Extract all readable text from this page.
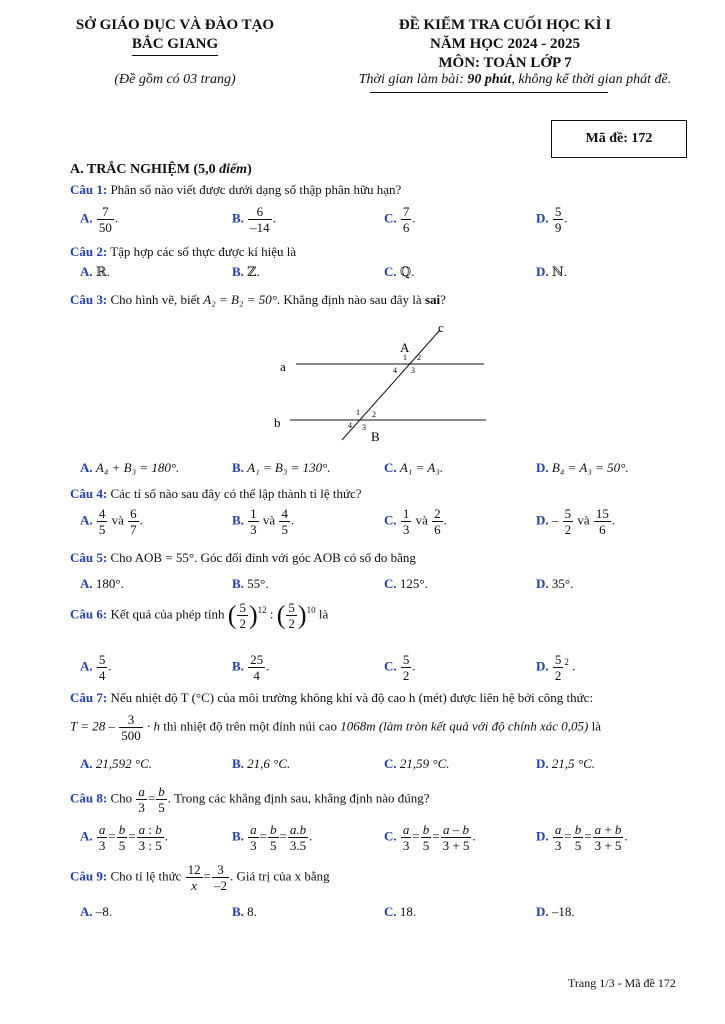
SỞ GIÁO DỤC VÀ ĐÀO TẠO
BẮC GIANG
(Đề gồm có 03 trang)
ĐỀ KIỂM TRA CUỐI HỌC KÌ I
NĂM HỌC 2024 - 2025
MÔN: TOÁN LỚP 7
Thời gian làm bài: 90 phút, không kể thời gian phát đề.
Mã đề: 172
A. TRẮC NGHIỆM (5,0 điểm)
Câu 1: Phân số nào viết được dưới dạng số thập phân hữu hạn?
A. $\frac{7}{50}$ .	B. $\frac{6}{-14}$ .	C. $\frac{7}{6}$ .	D. $\frac{5}{9}$ .
Câu 2: Tập hợp các số thực được kí hiệu là
A. ℝ.	B. ℤ.	C. ℚ.	D. ℕ.
Câu 3: Cho hình vẽ, biết A₂ = B₂ = 50°. Khẳng định nào sau đây là sai?
a
b
c
A
B
1 2
4 3
1 2
4 3
A. A₄ + B₃ = 180°.	B. A₁ = B₃ = 130°.	C. A₁ = A₃.	D. B₄ = A₃ = 50°.
Câu 4: Các tỉ số nào sau đây có thể lập thành tỉ lệ thức?
A. $\frac{4}{5}$ và $\frac{6}{7}$ .	B. $\frac{1}{3}$ và $\frac{4}{5}$ .	C. $\frac{1}{3}$ và $\frac{2}{6}$ .	D. – $\frac{5}{2}$ và $\frac{15}{6}$ .
Câu 5: Cho AOB = 55°. Góc đối đỉnh với góc AOB có số đo bằng
A. 180°.	B. 55°.	C. 125°.	D. 35°.
Câu 6: Kết quả của phép tính ( $\frac{5}{2} )^{12}$ : ( $\frac{5}{2} )^{10}$ là
A. $\frac{5}{4}$ .	B. $\frac{25}{4}$ .	C. $\frac{5}{2}$ .	D. $\frac{5}{2} ^2$ .
Câu 7: Nếu nhiệt độ T (°C) của môi trường không khí và độ cao h (mét) được liên hệ bởi công thức:
$T = 28 - \frac{3}{500} \cdot h$ thì nhiệt độ trên một đỉnh núi cao 1068m (làm tròn kết quả với độ chính xác 0,05) là
A. 21,592 °C.	B. 21,6 °C.	C. 21,59 °C.	D. 21,5 °C.
Câu 8: Cho $\frac{a}{3} = \frac{b}{5}$ . Trong các khẳng định sau, khẳng định nào đúng?
A. $\frac{a}{3} = \frac{b}{5} = \frac{a : b}{3 : 5}$ .	B. $\frac{a}{3} = \frac{b}{5} = \frac{a.b}{3.5}$ .	C. $\frac{a}{3} = \frac{b}{5} = \frac{a - b}{3 + 5}$ .	D. $\frac{a}{3} = \frac{b}{5} = \frac{a + b}{3 + 5}$ .
Câu 9: Cho tỉ lệ thức $\frac{12}{x} = \frac{3}{-2}$ . Giá trị của x bằng
A. –8.	B. 8.	C. 18.	D. –18.
Trang 1/3 - Mã đề 172
